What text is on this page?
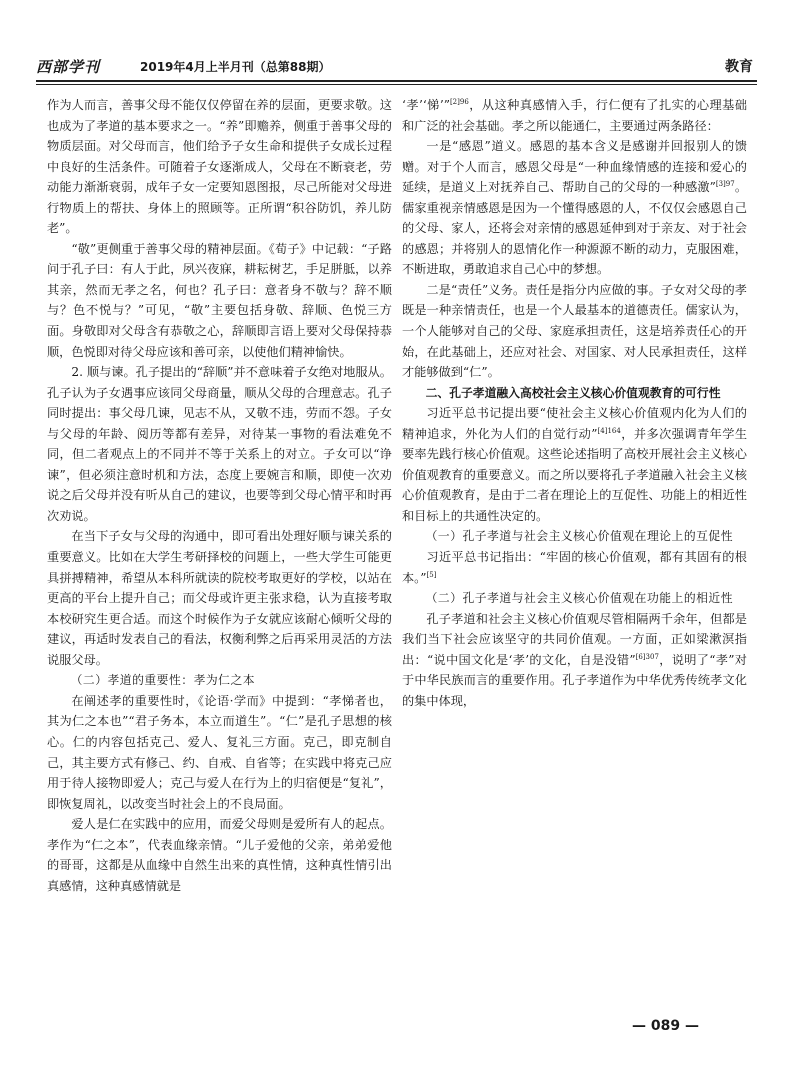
西部学刊	2019年4月上半月刊（总第88期）	教育

作为人而言，善事父母不能仅仅停留在养的层面，更要求敬。这也成为了孝道的基本要求之一。“养”即赡养，侧重于善事父母的物质层面。对父母而言，他们给予子女生命和提供子女成长过程中良好的生活条件。可随着子女逐渐成人，父母在不断衰老，劳动能力渐渐衰弱，成年子女一定要知恩图报，尽己所能对父母进行物质上的帮扶、身体上的照顾等。正所谓“积谷防饥，养儿防老”。

“敬”更侧重于善事父母的精神层面。《荀子》中记载：“子路问于孔子曰：有人于此，夙兴夜寐，耕耘树艺，手足胼胝，以养其亲，然而无孝之名，何也？孔子曰：意者身不敬与？辞不顺与？色不悦与？”可见，“敬”主要包括身敬、辞顺、色悦三方面。身敬即对父母含有恭敬之心，辞顺即言语上要对父母保持恭顺，色悦即对待父母应该和善可亲，以使他们精神愉快。

2. 顺与谏。孔子提出的“辞顺”并不意味着子女绝对地服从。孔子认为子女遇事应该同父母商量，顺从父母的合理意志。孔子同时提出：事父母几谏，见志不从，又敬不违，劳而不怨。子女与父母的年龄、阅历等都有差异，对待某一事物的看法难免不同，但二者观点上的不同并不等于关系上的对立。子女可以“诤谏”，但必须注意时机和方法，态度上要婉言和顺，即使一次劝说之后父母并没有听从自己的建议，也要等到父母心情平和时再次劝说。

在当下子女与父母的沟通中，即可看出处理好顺与谏关系的重要意义。比如在大学生考研择校的问题上，一些大学生可能更具拼搏精神，希望从本科所就读的院校考取更好的学校，以站在更高的平台上提升自己；而父母或许更主张求稳，认为直接考取本校研究生更合适。而这个时候作为子女就应该耐心倾听父母的建议，再适时发表自己的看法，权衡利弊之后再采用灵活的方法说服父母。

（二）孝道的重要性：孝为仁之本

在阐述孝的重要性时，《论语·学而》中提到：“孝悌者也，其为仁之本也”“君子务本，本立而道生”。“仁”是孔子思想的核心。仁的内容包括克己、爱人、复礼三方面。克己，即克制自己，其主要方式有修己、约、自戒、自省等；在实践中将克己应用于待人接物即爱人；克己与爱人在行为上的归宿便是“复礼”，即恢复周礼，以改变当时社会上的不良局面。

爱人是仁在实践中的应用，而爱父母则是爱所有人的起点。孝作为“仁之本”，代表血缘亲情。“儿子爱他的父亲，弟弟爱他的哥哥，这都是从血缘中自然生出来的真性情，这种真性情引出真感情，这种真感情就是

‘孝’‘悌’”$^{[2]96}$，从这种真感情入手，行仁便有了扎实的心理基础和广泛的社会基础。孝之所以能通仁，主要通过两条路径：

一是“感恩”道义。感恩的基本含义是感谢并回报别人的馈赠。对于个人而言，感恩父母是“一种血缘情感的连接和爱心的延续，是道义上对抚养自己、帮助自己的父母的一种感激”$^{[3]97}$。儒家重视亲情感恩是因为一个懂得感恩的人，不仅仅会感恩自己的父母、家人，还将会对亲情的感恩延伸到对于亲友、对于社会的感恩；并将别人的恩情化作一种源源不断的动力，克服困难，不断进取，勇敢追求自己心中的梦想。

二是“责任”义务。责任是指分内应做的事。子女对父母的孝既是一种亲情责任，也是一个人最基本的道德责任。儒家认为，一个人能够对自己的父母、家庭承担责任，这是培养责任心的开始，在此基础上，还应对社会、对国家、对人民承担责任，这样才能够做到“仁”。

二、孔子孝道融入高校社会主义核心价值观教育的可行性

习近平总书记提出要“使社会主义核心价值观内化为人们的精神追求，外化为人们的自觉行动”$^{[4]164}$，并多次强调青年学生要率先践行核心价值观。这些论述指明了高校开展社会主义核心价值观教育的重要意义。而之所以要将孔子孝道融入社会主义核心价值观教育，是由于二者在理论上的互促性、功能上的相近性和目标上的共通性决定的。

（一）孔子孝道与社会主义核心价值观在理论上的互促性

习近平总书记指出：“牢固的核心价值观，都有其固有的根本。”[5]

（二）孔子孝道与社会主义核心价值观在功能上的相近性

孔子孝道和社会主义核心价值观尽管相隔两千余年，但都是我们当下社会应该坚守的共同价值观。一方面，正如梁漱溟指出：“说中国文化是‘孝’的文化，自是没错”$^{[6]307}$，说明了“孝”对于中华民族而言的重要作用。孔子孝道作为中华优秀传统孝文化的集中体现，

— 089 —
